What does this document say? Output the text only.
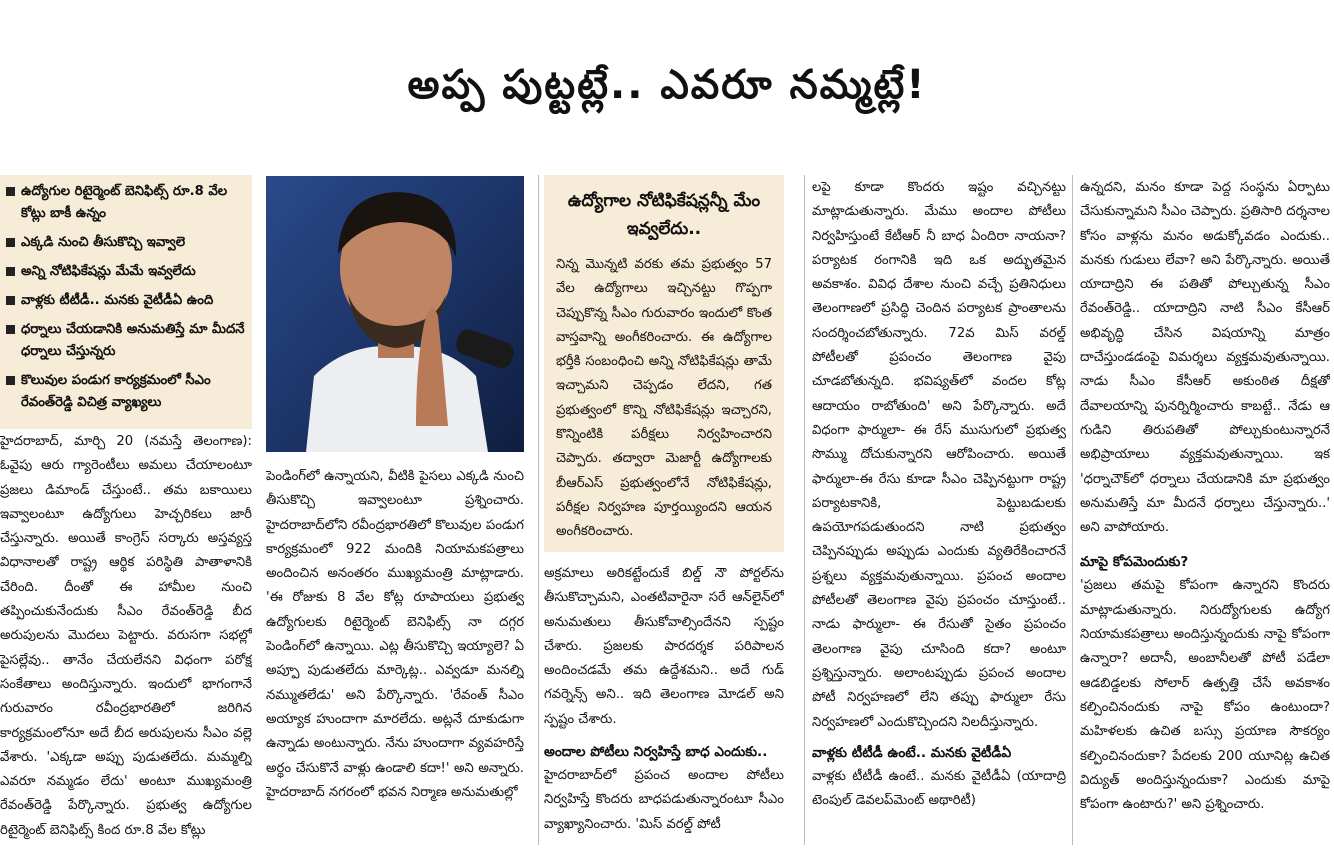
అప్ప పుట్టట్లే.. ఎవరూ నమ్మట్లే!
ఉద్యోగుల రిటైర్మెంట్ బెనిఫిట్స్ రూ.8 వేల కోట్లు బాకీ ఉన్నం
ఎక్కడి నుంచి తీసుకొచ్చి ఇవ్వాలె
అన్ని నోటిఫికేషన్లు మేమే ఇవ్వలేదు
వాళ్లకు టీటీడీ.. మనకు వైటీడీఏ ఉంది
ధర్నాలు చేయడానికి అనుమతిస్తే మా మీదనే ధర్నాలు చేస్తున్నరు
కొలువుల పండుగ కార్యక్రమంలో సీఎం రేవంత్‌రెడ్డి విచిత్ర వ్యాఖ్యలు

హైదరాబాద్, మార్చి 20 (నమస్తే తెలంగాణ): ఓవైపు ఆరు గ్యారెంటీలు అమలు చేయాలంటూ ప్రజలు డిమాండ్ చేస్తుంటే.. తమ బకాయిలు ఇవ్వాలంటూ ఉద్యోగులు హెచ్చరికలు జారీ చేస్తున్నారు. అయితే కాంగ్రెస్ సర్కారు అస్తవ్యస్త విధానాలతో రాష్ట్ర ఆర్థిక పరిస్థితి పాతాళానికి చేరింది. దీంతో ఈ హామీల నుంచి తప్పించుకునేందుకు సీఎం రేవంత్‌రెడ్డి బీద అరుపులను మొదలు పెట్టారు. వరుసగా సభల్లో పైసల్లేవు.. తానేం చేయలేనని విధంగా పరోక్ష సంకేతాలు అందిస్తున్నారు. ఇందులో భాగంగానే గురువారం రవీంద్రభారతిలో జరిగిన కార్యక్రమంలోనూ అదే బీద అరుపులను సీఎం వల్లె వేశారు. 'ఎక్కడా అప్పు పుడుతలేదు. మమ్మల్ని ఎవరూ నమ్మడం లేదు' అంటూ ముఖ్యమంత్రి రేవంత్‌రెడ్డి పేర్కొన్నారు. ప్రభుత్వ ఉద్యోగుల రిటైర్మెంట్ బెనిఫిట్స్ కింద రూ.8 వేల కోట్లు

పెండింగ్‌లో ఉన్నాయని, వీటికి పైసలు ఎక్కడి నుంచి తీసుకొచ్చి ఇవ్వాలంటూ ప్రశ్నించారు. హైదరాబాద్‌లోని రవీంద్రభారతిలో కొలువుల పండుగ కార్యక్రమంలో 922 మందికి నియామకపత్రాలు అందించిన అనంతరం ముఖ్యమంత్రి మాట్లాడారు. 'ఈ రోజుకు 8 వేల కోట్ల రూపాయలు ప్రభుత్వ ఉద్యోగులకు రిటైర్మెంట్ బెనిఫిట్స్ నా దగ్గర పెండింగ్‌లో ఉన్నాయి. ఎట్ల తీసుకొచ్చి ఇయ్యాలె? ఏ అప్పూ పుడుతలేదు మార్కెట్ల.. ఎవ్వడూ మనల్ని నమ్ముతలేడు' అని పేర్కొన్నారు. 'రేవంత్ సీఎం అయ్యాక హుందాగా మారలేదు. అట్లనే దూకుడుగా ఉన్నాడు అంటున్నారు. నేను హుందాగా వ్యవహరిస్తే అర్థం చేసుకొనే వాళ్లు ఉండాలి కదా!' అని అన్నారు. హైదరాబాద్ నగరంలో భవన నిర్మాణ అనుమతుల్లో

ఉద్యోగాల నోటిఫికేషన్లన్నీ మేం ఇవ్వలేదు..

నిన్న మొన్నటి వరకు తమ ప్రభుత్వం 57 వేల ఉద్యోగాలు ఇచ్చినట్టు గొప్పగా చెప్పుకొన్న సీఎం గురువారం ఇందులో కొంత వాస్తవాన్ని అంగీకరించారు. ఈ ఉద్యోగాల భర్తీకి సంబంధించి అన్ని నోటిఫికేషన్లు తామే ఇచ్చామని చెప్పడం లేదని, గత ప్రభుత్వంలో కొన్ని నోటిఫికేషన్లు ఇచ్చారని, కొన్నింటికి పరీక్షలు నిర్వహించారని చెప్పారు. తద్వారా మెజార్టీ ఉద్యోగాలకు బీఆర్‌ఎస్ ప్రభుత్వంలోనే నోటిఫికేషన్లు, పరీక్షల నిర్వహణ పూర్తయ్యిందని ఆయన అంగీకరించారు.

అక్రమాలు అరికట్టేందుకే బిల్డ్ నౌ పోర్టల్‌ను తీసుకొచ్చామని, ఎంతటివారైనా సరే ఆన్‌లైన్‌లో అనుమతులు తీసుకోవాల్సిందేనని స్పష్టం చేశారు. ప్రజలకు పారదర్శక పరిపాలన అందించడమే తమ ఉద్దేశమని.. అదే గుడ్ గవర్నెన్స్ అని.. ఇది తెలంగాణ మోడల్ అని స్పష్టం చేశారు.

అందాల పోటీలు నిర్వహిస్తే బాధ ఎందుకు..

హైదరాబాద్‌లో ప్రపంచ అందాల పోటీలు నిర్వహిస్తే కొందరు బాధపడుతున్నారంటూ సీఎం వ్యాఖ్యానించారు. 'మిస్ వరల్డ్ పోటీ

లపై కూడా కొందరు ఇష్టం వచ్చినట్టు మాట్లాడుతున్నారు. మేము అందాల పోటీలు నిర్వహిస్తుంటే కేటీఆర్ నీ బాధ ఏందిరా నాయనా? పర్యాటక రంగానికి ఇది ఒక అద్భుతమైన అవకాశం. వివిధ దేశాల నుంచి వచ్చే ప్రతినిధులు తెలంగాణలో ప్రసిద్ధి చెందిన పర్యాటక ప్రాంతాలను సందర్శించబోతున్నారు. 72వ మిస్ వరల్డ్ పోటీలతో ప్రపంచం తెలంగాణ వైపు చూడబోతున్నది. భవిష్యత్‌లో వందల కోట్ల ఆదాయం రాబోతుంది' అని పేర్కొన్నారు. అదే విధంగా ఫార్ములా- ఈ రేస్ ముసుగులో ప్రభుత్వ సొమ్ము దోచుకున్నారని ఆరోపించారు. అయితే ఫార్ములా-ఈ రేసు కూడా సీఎం చెప్పినట్టుగా రాష్ట్ర పర్యాటకానికి, పెట్టుబడులకు ఉపయోగపడుతుందని నాటి ప్రభుత్వం చెప్పినప్పుడు అప్పుడు ఎందుకు వ్యతిరేకించారనే ప్రశ్నలు వ్యక్తమవుతున్నాయి. ప్రపంచ అందాల పోటీలతో తెలంగాణ వైపు ప్రపంచం చూస్తుంటే.. నాడు ఫార్ములా- ఈ రేసుతో సైతం ప్రపంచం తెలంగాణ వైపు చూసింది కదా? అంటూ ప్రశ్నిస్తున్నారు. అలాంటప్పుడు ప్రపంచ అందాల పోటీ నిర్వహణలో లేని తప్పు ఫార్ములా రేసు నిర్వహణలో ఎందుకొచ్చిందని నిలదీస్తున్నారు.

వాళ్లకు టీటీడీ ఉంటే.. మనకు వైటీడీఏ

వాళ్లకు టీటీడీ ఉంటే.. మనకు వైటీడీఏ (యాదాద్రి టెంపుల్ డెవలప్‌మెంట్ అథారిటీ)

ఉన్నదని, మనం కూడా పెద్ద సంస్థను ఏర్పాటు చేసుకున్నామని సీఎం చెప్పారు. ప్రతిసారి దర్శనాల కోసం వాళ్లను మనం అడుక్కోవడం ఎందుకు.. మనకు గుడులు లేవా? అని పేర్కొన్నారు. అయితే యాదాద్రిని ఈ పతితో పోల్చుతున్న సీఎం రేవంత్‌రెడ్డి.. యాదాద్రిని నాటి సీఎం కేసీఆర్ అభివృద్ధి చేసిన విషయాన్ని మాత్రం దాచేస్తుండడంపై విమర్శలు వ్యక్తమవుతున్నాయి. నాడు సీఎం కేసీఆర్ అకుంఠిత దీక్షతో దేవాలయాన్ని పునర్నిర్మించారు కాబట్టే.. నేడు ఆ గుడిని తిరుపతితో పోల్చుకుంటున్నారనే అభిప్రాయాలు వ్యక్తమవుతున్నాయి. ఇక 'ధర్నాచౌక్‌లో ధర్నాలు చేయడానికి మా ప్రభుత్వం అనుమతిస్తే మా మీదనే ధర్నాలు చేస్తున్నారు..' అని వాపోయారు.

మాపై కోపమెందుకు?

'ప్రజలు తమపై కోపంగా ఉన్నారని కొందరు మాట్లాడుతున్నారు. నిరుద్యోగులకు ఉద్యోగ నియామకపత్రాలు అందిస్తున్నందుకు నాపై కోపంగా ఉన్నారా? అదానీ, అంబానీలతో పోటీ పడేలా ఆడబిడ్డలకు సోలార్ ఉత్పత్తి చేసే అవకాశం కల్పించినందుకు నాపై కోపం ఉంటుందా? మహిళలకు ఉచిత బస్సు ప్రయాణ సౌకర్యం కల్పించినందుకా? పేదలకు 200 యూనిట్ల ఉచిత విద్యుత్ అందిస్తున్నందుకా? ఎందుకు మాపై కోపంగా ఉంటారు?' అని ప్రశ్నించారు.
